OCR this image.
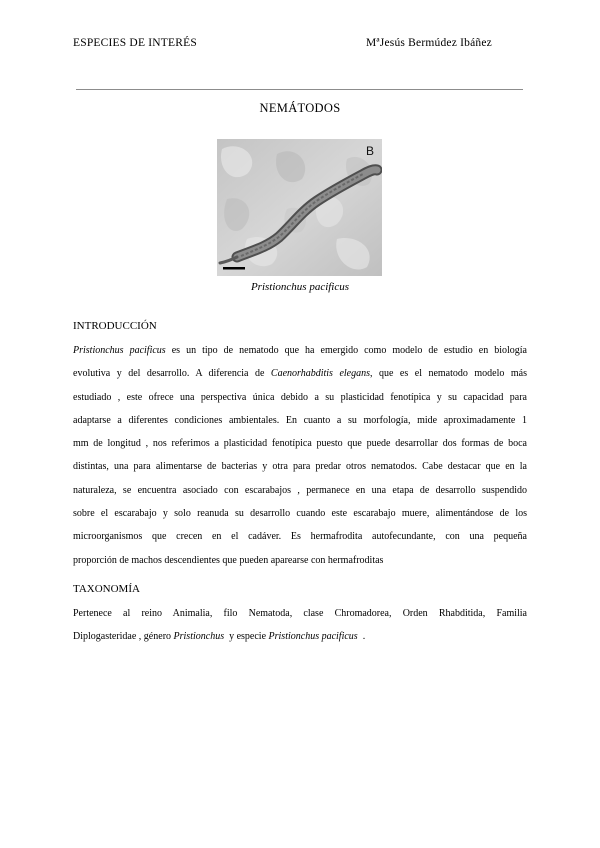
ESPECIES DE INTERÉS	MªJesús Bermúdez Ibáñez
NEMÁTODOS
B
Pristionchus pacificus
INTRODUCCIÓN
Pristionchus pacificus es un tipo de nematodo que ha emergido como modelo de estudio en biología
evolutiva y del desarrollo. A diferencia de Caenorhabditis elegans, que es el nematodo modelo más
estudiado , este ofrece una perspectiva única debido a su plasticidad fenotípica y su capacidad para
adaptarse a diferentes condiciones ambientales. En cuanto a su morfología, mide aproximadamente 1
mm de longitud , nos referimos a plasticidad fenotípica puesto que puede desarrollar dos formas de boca
distintas, una para alimentarse de bacterias y otra para predar otros nematodos. Cabe destacar que en la
naturaleza, se encuentra asociado con escarabajos , permanece en una etapa de desarrollo suspendido
sobre el escarabajo y solo reanuda su desarrollo cuando este escarabajo muere, alimentándose de los
microorganismos que crecen en el cadáver. Es hermafrodita autofecundante, con una pequeña
proporción de machos descendientes que pueden aparearse con hermafroditas
TAXONOMÍA
Pertenece al reino Animalia, filo Nematoda, clase Chromadorea, Orden Rhabditida, Familia
Diplogasteridae , género Pristionchus  y especie Pristionchus pacificus  .
